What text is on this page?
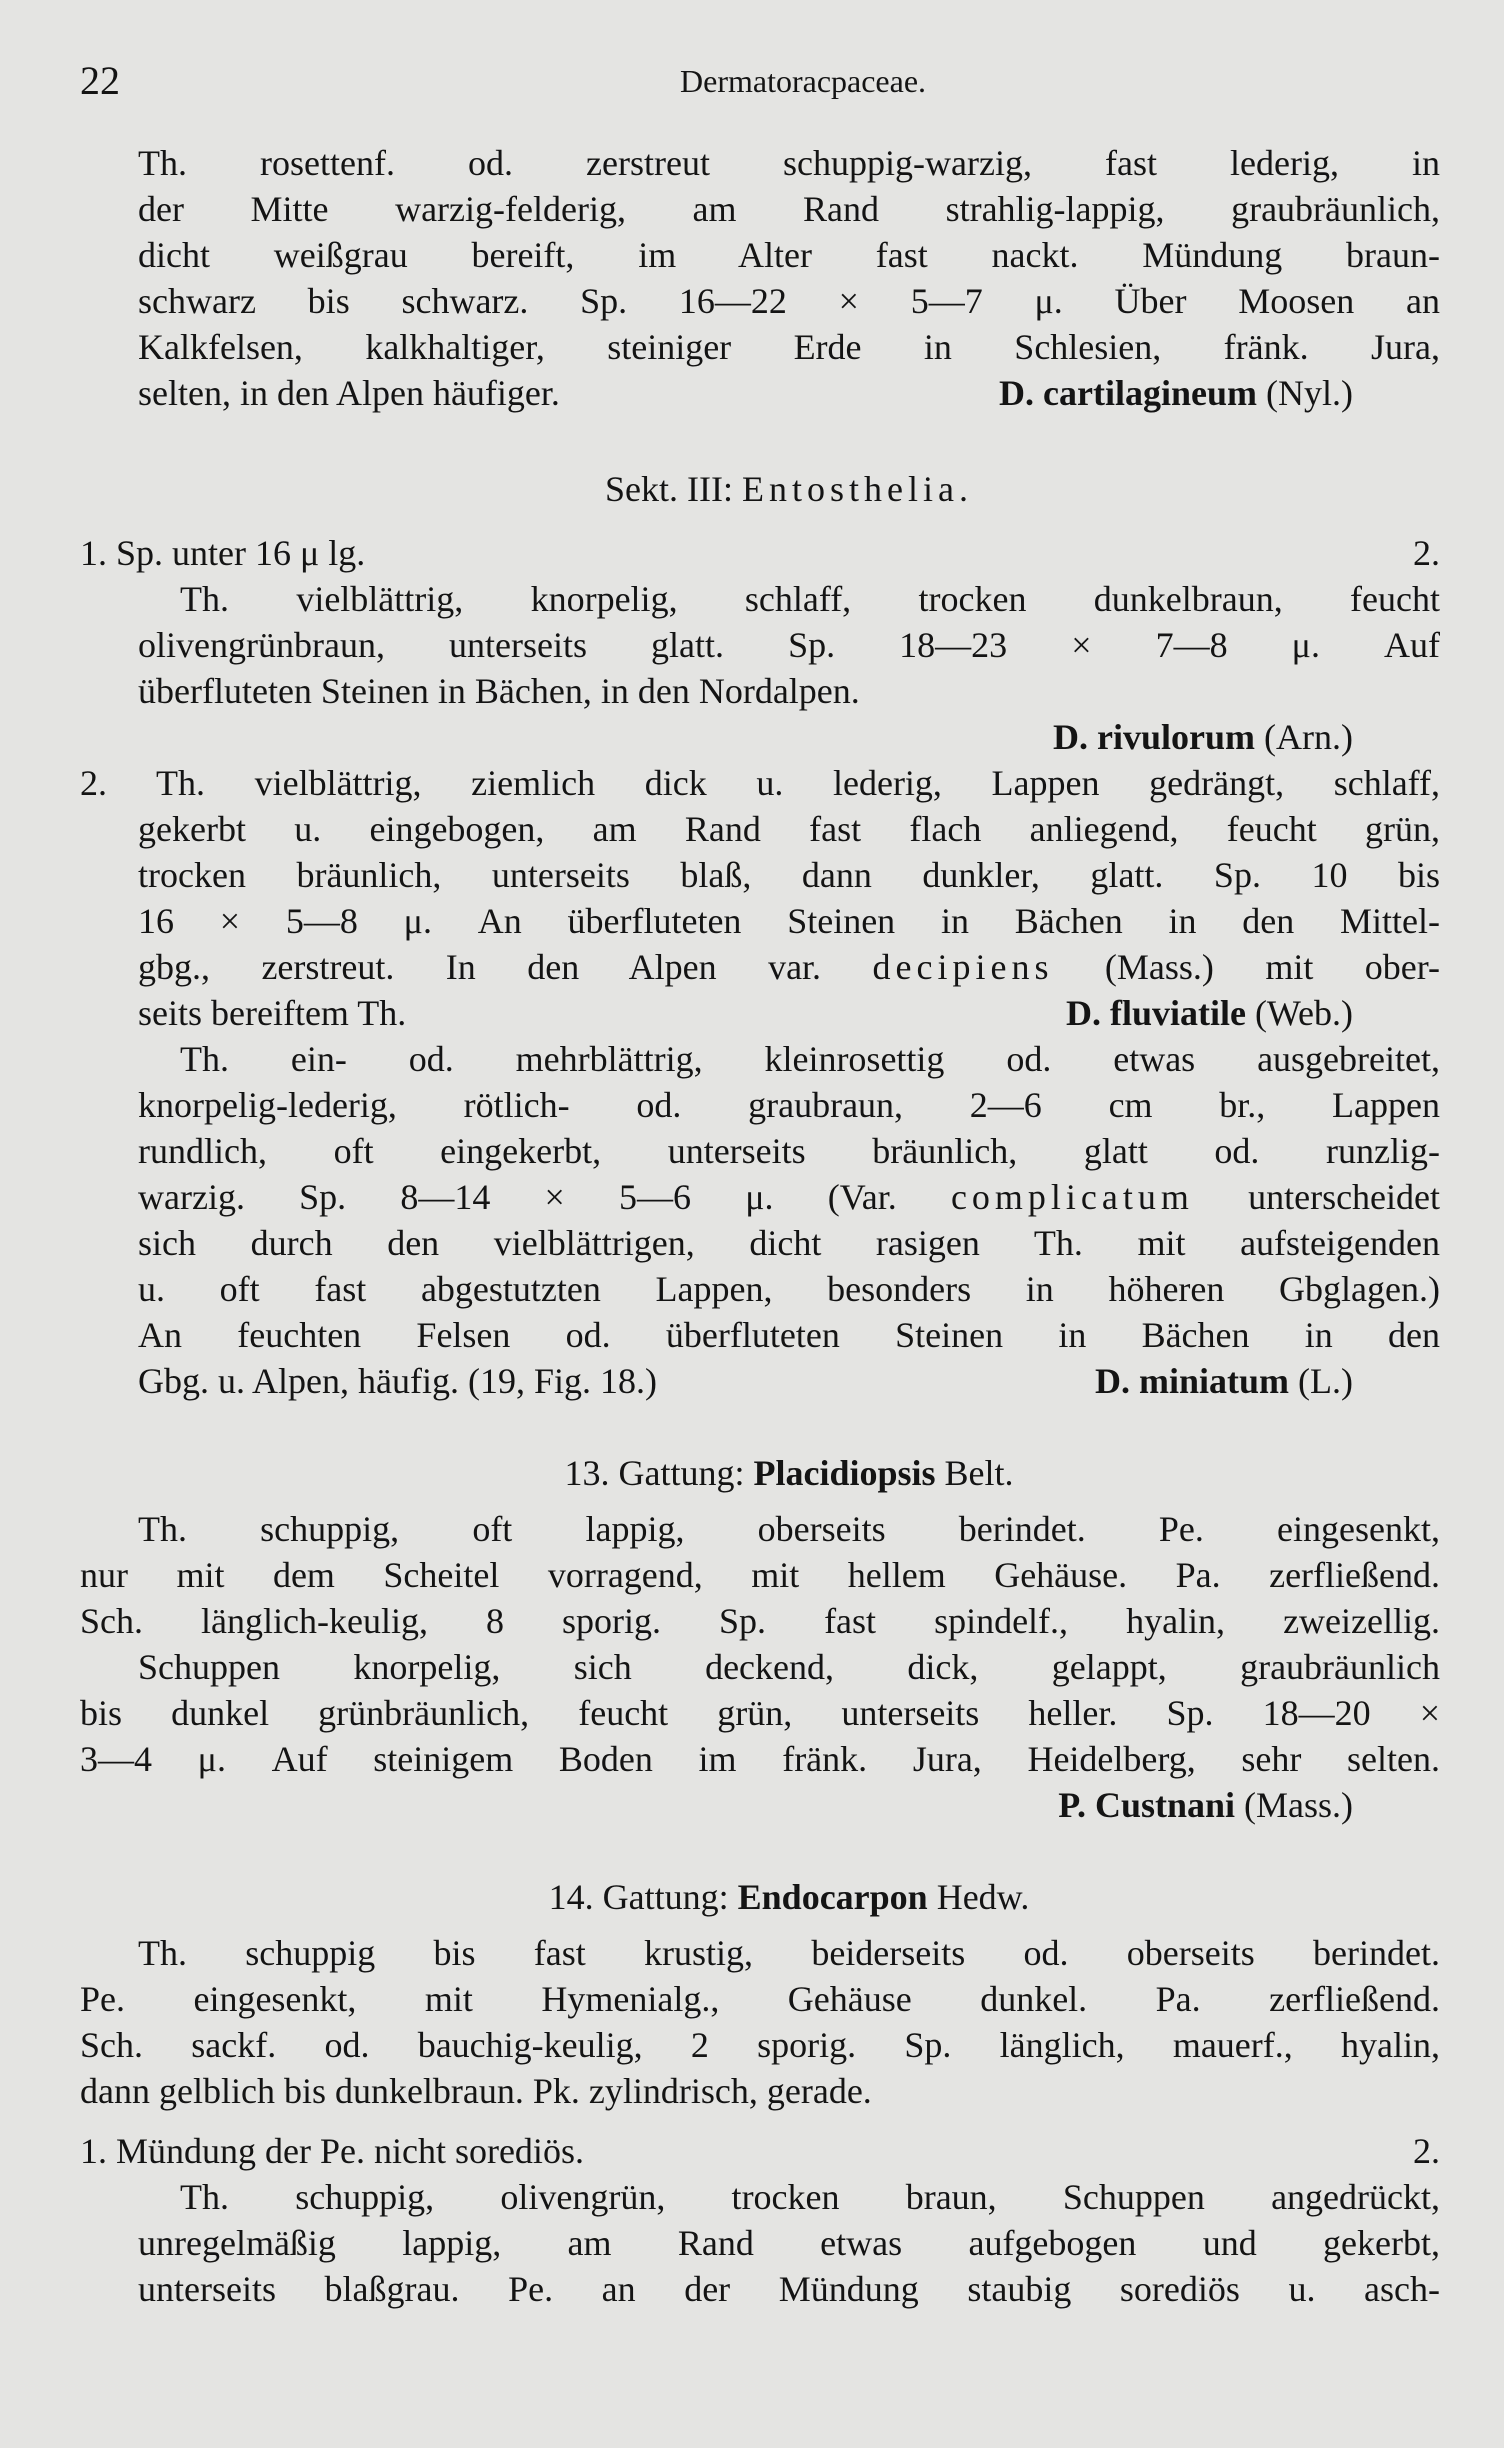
22	Dermatoracpaceae.

Th. rosettenf. od. zerstreut schuppig-warzig, fast lederig, in

der Mitte warzig-felderig, am Rand strahlig-lappig, graubräunlich,

dicht weißgrau bereift, im Alter fast nackt. Mündung braun-

schwarz bis schwarz. Sp. 16—22 × 5—7 μ. Über Moosen an

Kalkfelsen, kalkhaltiger, steiniger Erde in Schlesien, fränk. Jura,

selten, in den Alpen häufiger.	D. cartilagineum (Nyl.)
Sekt. III: Entosthelia.
1. Sp. unter 16 μ lg.	2.

Th. vielblättrig, knorpelig, schlaff, trocken dunkelbraun, feucht

olivengrünbraun, unterseits glatt. Sp. 18—23 × 7—8 μ. Auf

überfluteten Steinen in Bächen, in den Nordalpen.

D. rivulorum (Arn.)

2. Th. vielblättrig, ziemlich dick u. lederig, Lappen gedrängt, schlaff,

gekerbt u. eingebogen, am Rand fast flach anliegend, feucht grün,

trocken bräunlich, unterseits blaß, dann dunkler, glatt. Sp. 10 bis

16 × 5—8 μ. An überfluteten Steinen in Bächen in den Mittel-

gbg., zerstreut. In den Alpen var. decipiens (Mass.) mit ober-
seits bereiftem Th.	D. fluviatile (Web.)

Th. ein- od. mehrblättrig, kleinrosettig od. etwas ausgebreitet,

knorpelig-lederig, rötlich- od. graubraun, 2—6 cm br., Lappen

rundlich, oft eingekerbt, unterseits bräunlich, glatt od. runzlig-

warzig. Sp. 8—14 × 5—6 μ. (Var. complicatum unterscheidet

sich durch den vielblättrigen, dicht rasigen Th. mit aufsteigenden

u. oft fast abgestutzten Lappen, besonders in höheren Gbglagen.)

An feuchten Felsen od. überfluteten Steinen in Bächen in den

Gbg. u. Alpen, häufig. (19, Fig. 18.)	D. miniatum (L.)
13. Gattung: Placidiopsis Belt.

Th. schuppig, oft lappig, oberseits berindet. Pe. eingesenkt,

nur mit dem Scheitel vorragend, mit hellem Gehäuse. Pa. zerfließend.

Sch. länglich-keulig, 8 sporig. Sp. fast spindelf., hyalin, zweizellig.

Schuppen knorpelig, sich deckend, dick, gelappt, graubräunlich

bis dunkel grünbräunlich, feucht grün, unterseits heller. Sp. 18—20 ×

3—4 μ. Auf steinigem Boden im fränk. Jura, Heidelberg, sehr selten.

P. Custnani (Mass.)
14. Gattung: Endocarpon Hedw.

Th. schuppig bis fast krustig, beiderseits od. oberseits berindet.

Pe. eingesenkt, mit Hymenialg., Gehäuse dunkel. Pa. zerfließend.

Sch. sackf. od. bauchig-keulig, 2 sporig. Sp. länglich, mauerf., hyalin,

dann gelblich bis dunkelbraun. Pk. zylindrisch, gerade.

1. Mündung der Pe. nicht sorediös.	2.

Th. schuppig, olivengrün, trocken braun, Schuppen angedrückt,

unregelmäßig lappig, am Rand etwas aufgebogen und gekerbt,

unterseits blaßgrau. Pe. an der Mündung staubig sorediös u. asch-
